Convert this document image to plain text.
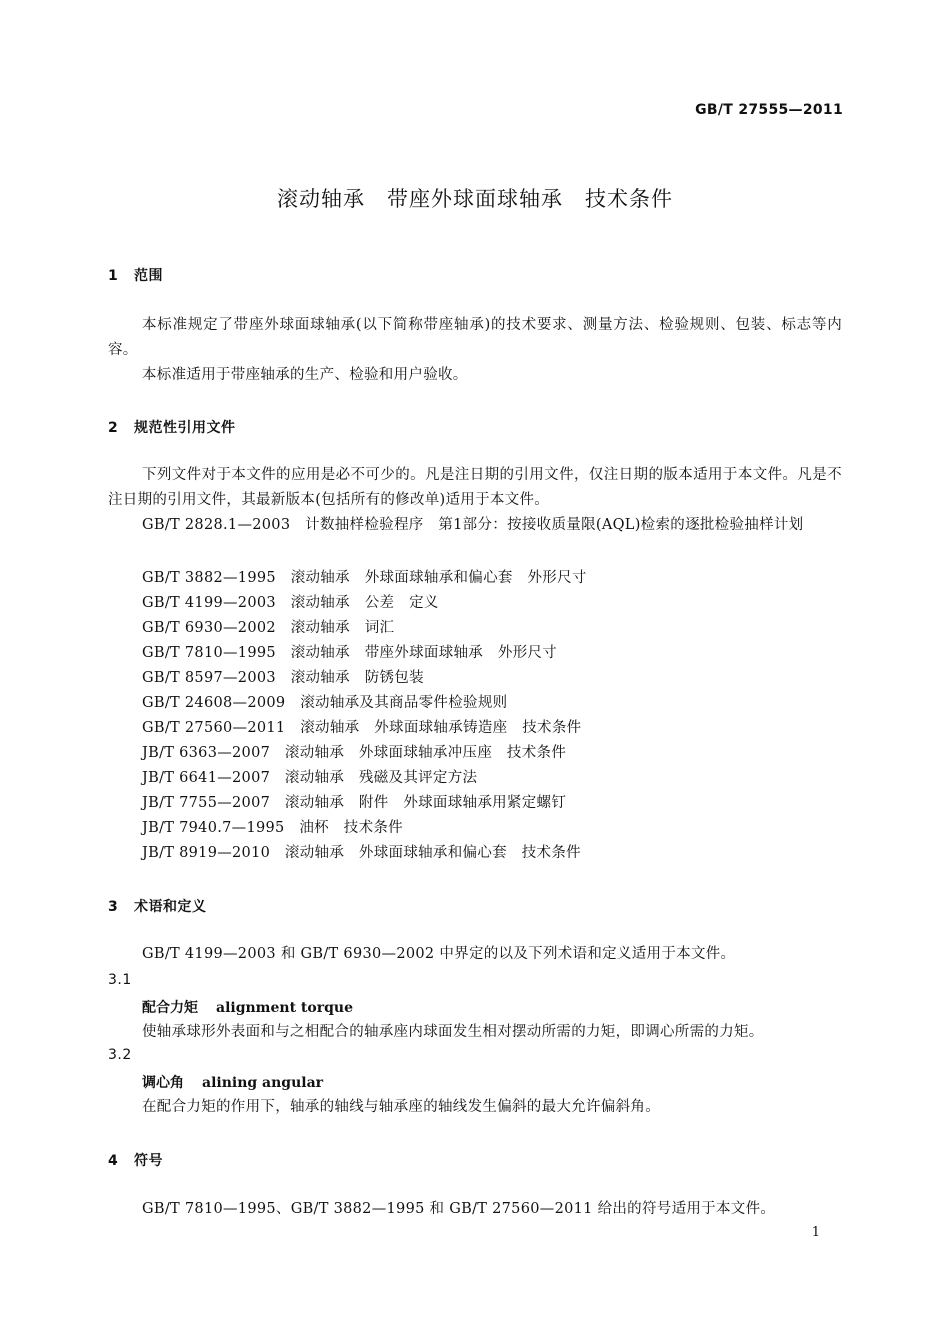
GB/T 27555—2011
滚动轴承　带座外球面球轴承　技术条件
1 范围
本标准规定了带座外球面球轴承(以下简称带座轴承)的技术要求、测量方法、检验规则、包装、标志等内容。
本标准适用于带座轴承的生产、检验和用户验收。
2 规范性引用文件
下列文件对于本文件的应用是必不可少的。凡是注日期的引用文件，仅注日期的版本适用于本文件。凡是不注日期的引用文件，其最新版本(包括所有的修改单)适用于本文件。
GB/T 2828.1—2003　计数抽样检验程序　第1部分：按接收质量限(AQL)检索的逐批检验抽样计划
GB/T 3882—1995　滚动轴承　外球面球轴承和偏心套　外形尺寸
GB/T 4199—2003　滚动轴承　公差　定义
GB/T 6930—2002　滚动轴承　词汇
GB/T 7810—1995　滚动轴承　带座外球面球轴承　外形尺寸
GB/T 8597—2003　滚动轴承　防锈包装
GB/T 24608—2009　滚动轴承及其商品零件检验规则
GB/T 27560—2011　滚动轴承　外球面球轴承铸造座　技术条件
JB/T 6363—2007　滚动轴承　外球面球轴承冲压座　技术条件
JB/T 6641—2007　滚动轴承　残磁及其评定方法
JB/T 7755—2007　滚动轴承　附件　外球面球轴承用紧定螺钉
JB/T 7940.7—1995　油杯　技术条件
JB/T 8919—2010　滚动轴承　外球面球轴承和偏心套　技术条件
3 术语和定义
GB/T 4199—2003 和 GB/T 6930—2002 中界定的以及下列术语和定义适用于本文件。
3.1
配合力矩 alignment torque
使轴承球形外表面和与之相配合的轴承座内球面发生相对摆动所需的力矩，即调心所需的力矩。
3.2
调心角 alining angular
在配合力矩的作用下，轴承的轴线与轴承座的轴线发生偏斜的最大允许偏斜角。
4 符号
GB/T 7810—1995、GB/T 3882—1995 和 GB/T 27560—2011 给出的符号适用于本文件。
1
